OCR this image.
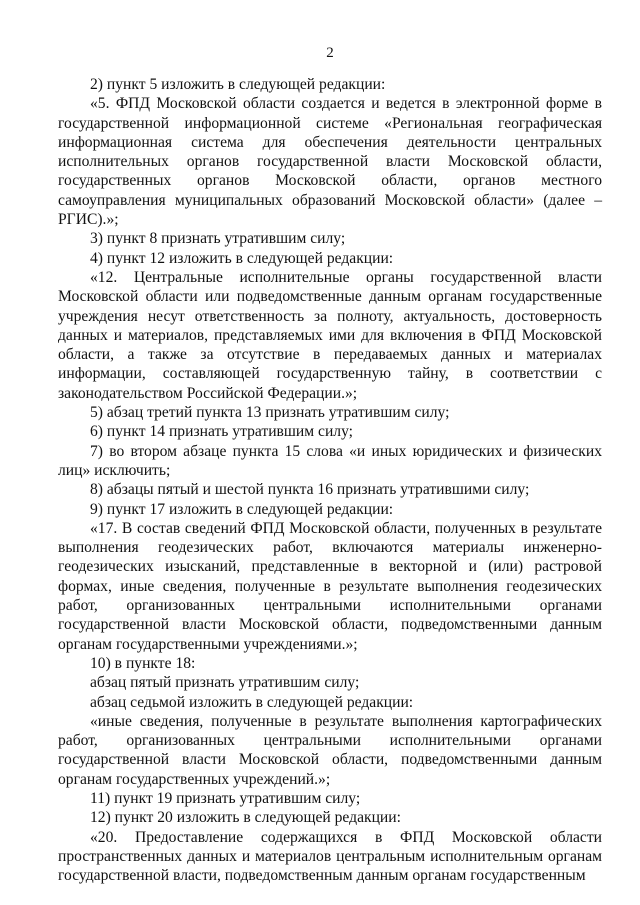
2

2) пункт 5 изложить в следующей редакции:

«5. ФПД Московской области создается и ведется в электронной форме в государственной информационной системе «Региональная географическая информационная система для обеспечения деятельности центральных исполнительных органов государственной власти Московской области, государственных органов Московской области, органов местного самоуправления муниципальных образований Московской области» (далее – РГИС).»;

3) пункт 8 признать утратившим силу;

4) пункт 12 изложить в следующей редакции:

«12. Центральные исполнительные органы государственной власти Московской области или подведомственные данным органам государственные учреждения несут ответственность за полноту, актуальность, достоверность данных и материалов, представляемых ими для включения в ФПД Московской области, а также за отсутствие в передаваемых данных и материалах информации, составляющей государственную тайну, в соответствии с законодательством Российской Федерации.»;

5) абзац третий пункта 13 признать утратившим силу;

6) пункт 14 признать утратившим силу;

7) во втором абзаце пункта 15 слова «и иных юридических и физических лиц» исключить;

8) абзацы пятый и шестой пункта 16 признать утратившими силу;

9) пункт 17 изложить в следующей редакции:

«17. В состав сведений ФПД Московской области, полученных в результате выполнения геодезических работ, включаются материалы инженерно-геодезических изысканий, представленные в векторной и (или) растровой формах, иные сведения, полученные в результате выполнения геодезических работ, организованных центральными исполнительными органами государственной власти Московской области, подведомственными данным органам государственными учреждениями.»;

10) в пункте 18:

абзац пятый признать утратившим силу;

абзац седьмой изложить в следующей редакции:

«иные сведения, полученные в результате выполнения картографических работ, организованных центральными исполнительными органами государственной власти Московской области, подведомственными данным органам государственных учреждений.»;

11) пункт 19 признать утратившим силу;

12) пункт 20 изложить в следующей редакции:

«20. Предоставление содержащихся в ФПД Московской области пространственных данных и материалов центральным исполнительным органам государственной власти, подведомственным данным органам государственным
